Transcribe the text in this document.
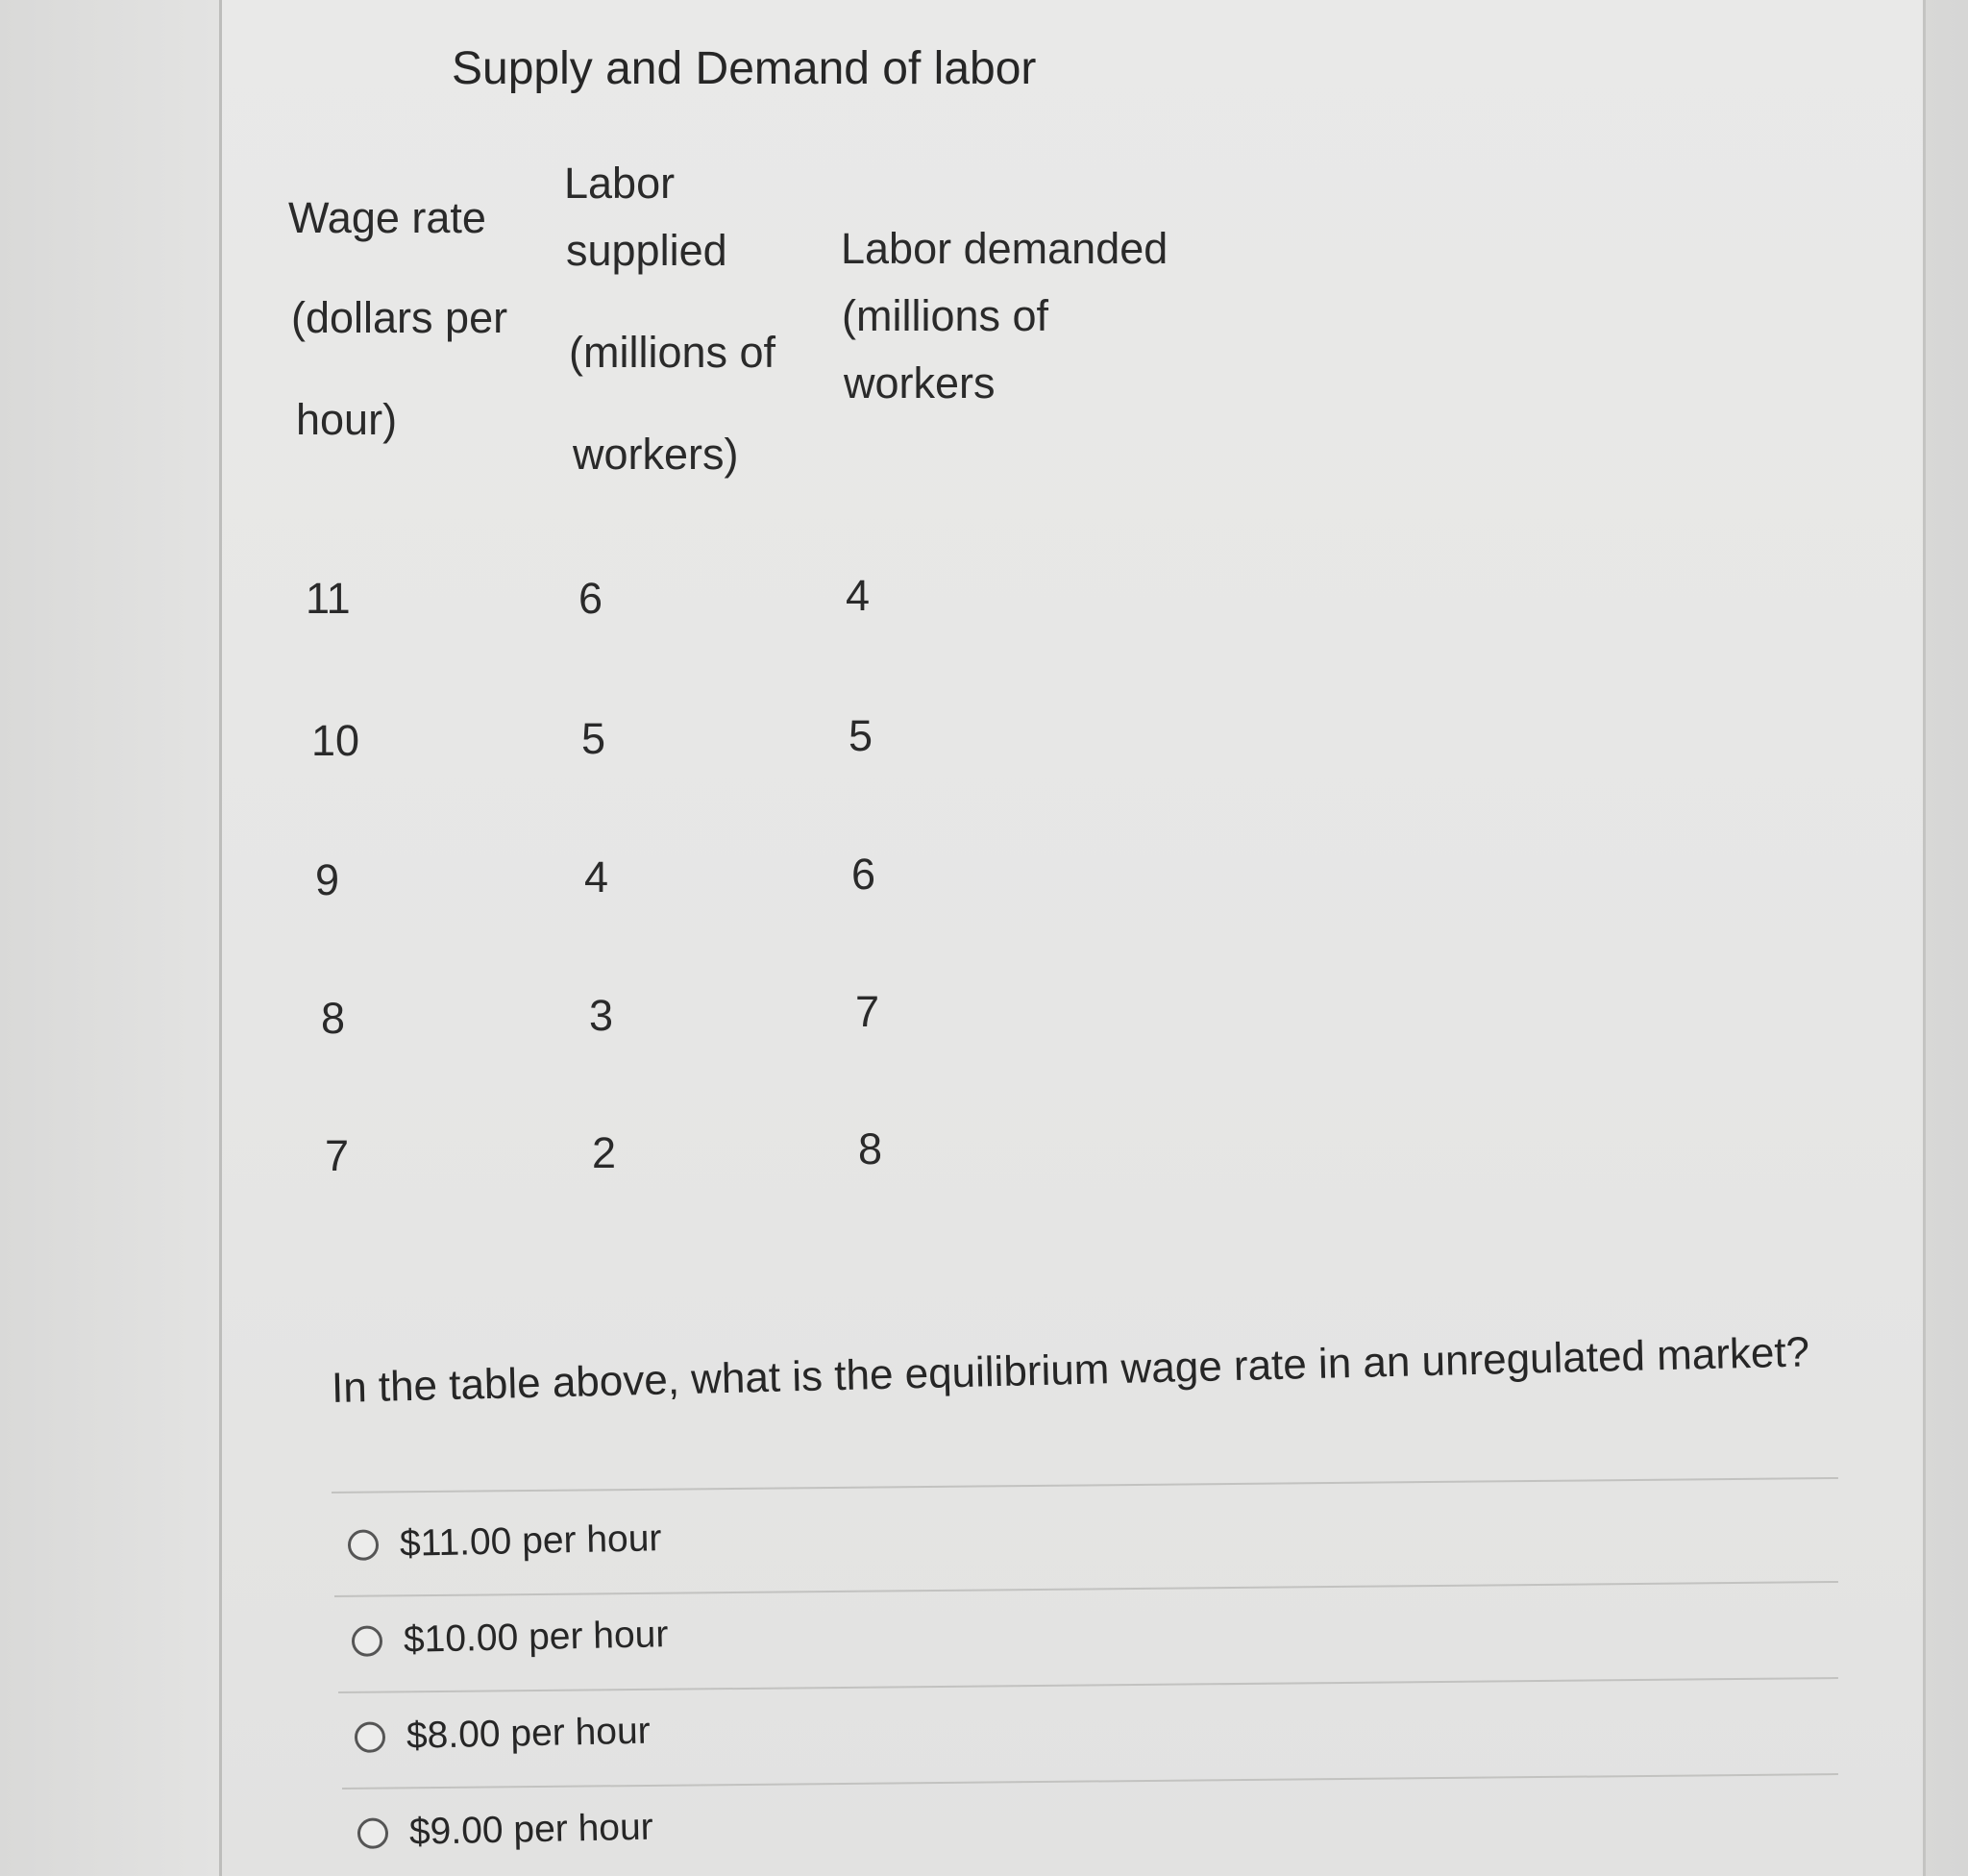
Supply and Demand of labor
Wage rate
(dollars per
hour)
Labor
supplied
(millions of
workers)
Labor demanded
(millions of
workers
11	6	4
10	5	5
9	4	6
8	3	7
7	2	8
In the table above, what is the equilibrium wage rate in an unregulated market?
$11.00 per hour
$10.00 per hour
$8.00 per hour
$9.00 per hour
